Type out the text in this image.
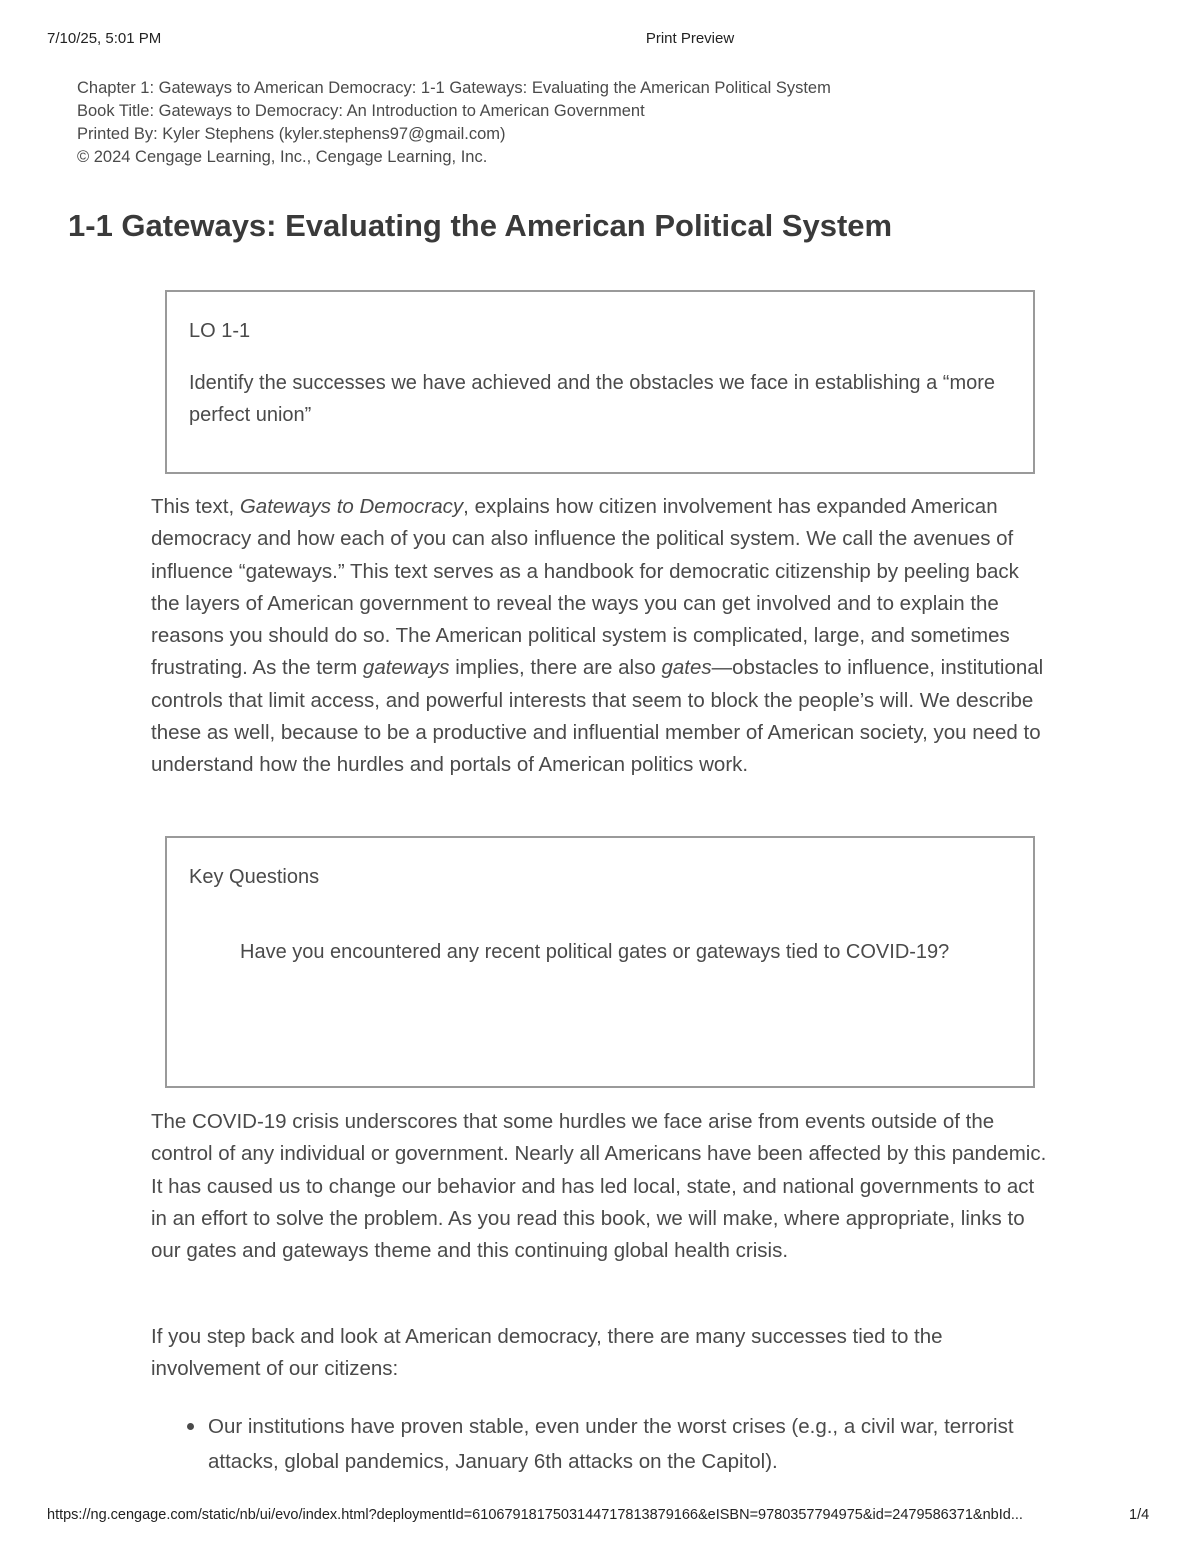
7/10/25, 5:01 PM	Print Preview
Chapter 1: Gateways to American Democracy: 1-1 Gateways: Evaluating the American Political System
Book Title: Gateways to Democracy: An Introduction to American Government
Printed By: Kyler Stephens (kyler.stephens97@gmail.com)
© 2024 Cengage Learning, Inc., Cengage Learning, Inc.
1-1 Gateways: Evaluating the American Political System
LO 1-1
Identify the successes we have achieved and the obstacles we face in establishing a “more perfect union”
This text, Gateways to Democracy, explains how citizen involvement has expanded American democracy and how each of you can also influence the political system. We call the avenues of influence “gateways.” This text serves as a handbook for democratic citizenship by peeling back the layers of American government to reveal the ways you can get involved and to explain the reasons you should do so. The American political system is complicated, large, and sometimes frustrating. As the term gateways implies, there are also gates—obstacles to influence, institutional controls that limit access, and powerful interests that seem to block the people’s will. We describe these as well, because to be a productive and influential member of American society, you need to understand how the hurdles and portals of American politics work.
Key Questions
Have you encountered any recent political gates or gateways tied to COVID-19?
The COVID-19 crisis underscores that some hurdles we face arise from events outside of the control of any individual or government. Nearly all Americans have been affected by this pandemic. It has caused us to change our behavior and has led local, state, and national governments to act in an effort to solve the problem. As you read this book, we will make, where appropriate, links to our gates and gateways theme and this continuing global health crisis.
If you step back and look at American democracy, there are many successes tied to the involvement of our citizens:
Our institutions have proven stable, even under the worst crises (e.g., a civil war, terrorist attacks, global pandemics, January 6th attacks on the Capitol).
https://ng.cengage.com/static/nb/ui/evo/index.html?deploymentId=6106791817503144717813879166&eISBN=9780357794975&id=2479586371&nbId...	1/4
